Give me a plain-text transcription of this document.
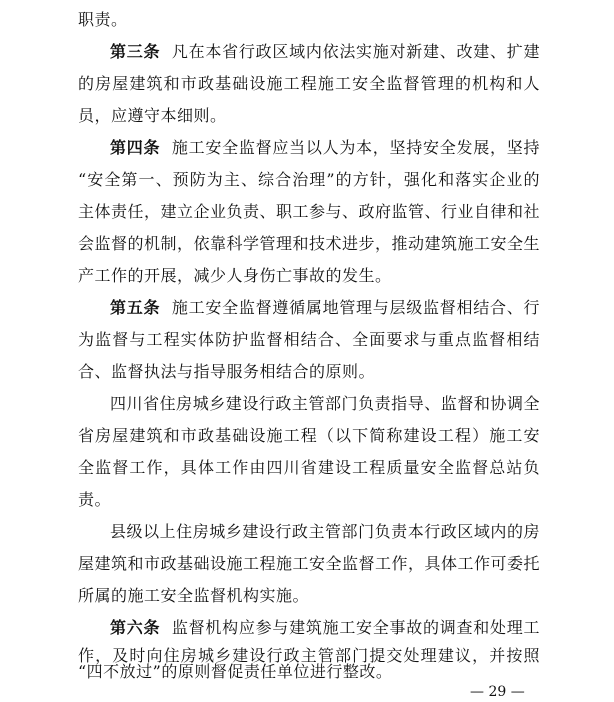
职责。
第三条 凡在本省行政区域内依法实施对新建、改建、扩建
的房屋建筑和市政基础设施工程施工安全监督管理的机构和人
员，应遵守本细则。
第四条 施工安全监督应当以人为本，坚持安全发展，坚持
“安全第一、预防为主、综合治理”的方针，强化和落实企业的
主体责任，建立企业负责、职工参与、政府监管、行业自律和社
会监督的机制，依靠科学管理和技术进步，推动建筑施工安全生
产工作的开展，减少人身伤亡事故的发生。
第五条 施工安全监督遵循属地管理与层级监督相结合、行
为监督与工程实体防护监督相结合、全面要求与重点监督相结
合、监督执法与指导服务相结合的原则。
四川省住房城乡建设行政主管部门负责指导、监督和协调全
省房屋建筑和市政基础设施工程（以下简称建设工程）施工安
全监督工作，具体工作由四川省建设工程质量安全监督总站负
责。
县级以上住房城乡建设行政主管部门负责本行政区域内的房
屋建筑和市政基础设施工程施工安全监督工作，具体工作可委托
所属的施工安全监督机构实施。
第六条 监督机构应参与建筑施工安全事故的调查和处理工
作，及时向住房城乡建设行政主管部门提交处理建议，并按照
“四不放过”的原则督促责任单位进行整改。
— 29 —
